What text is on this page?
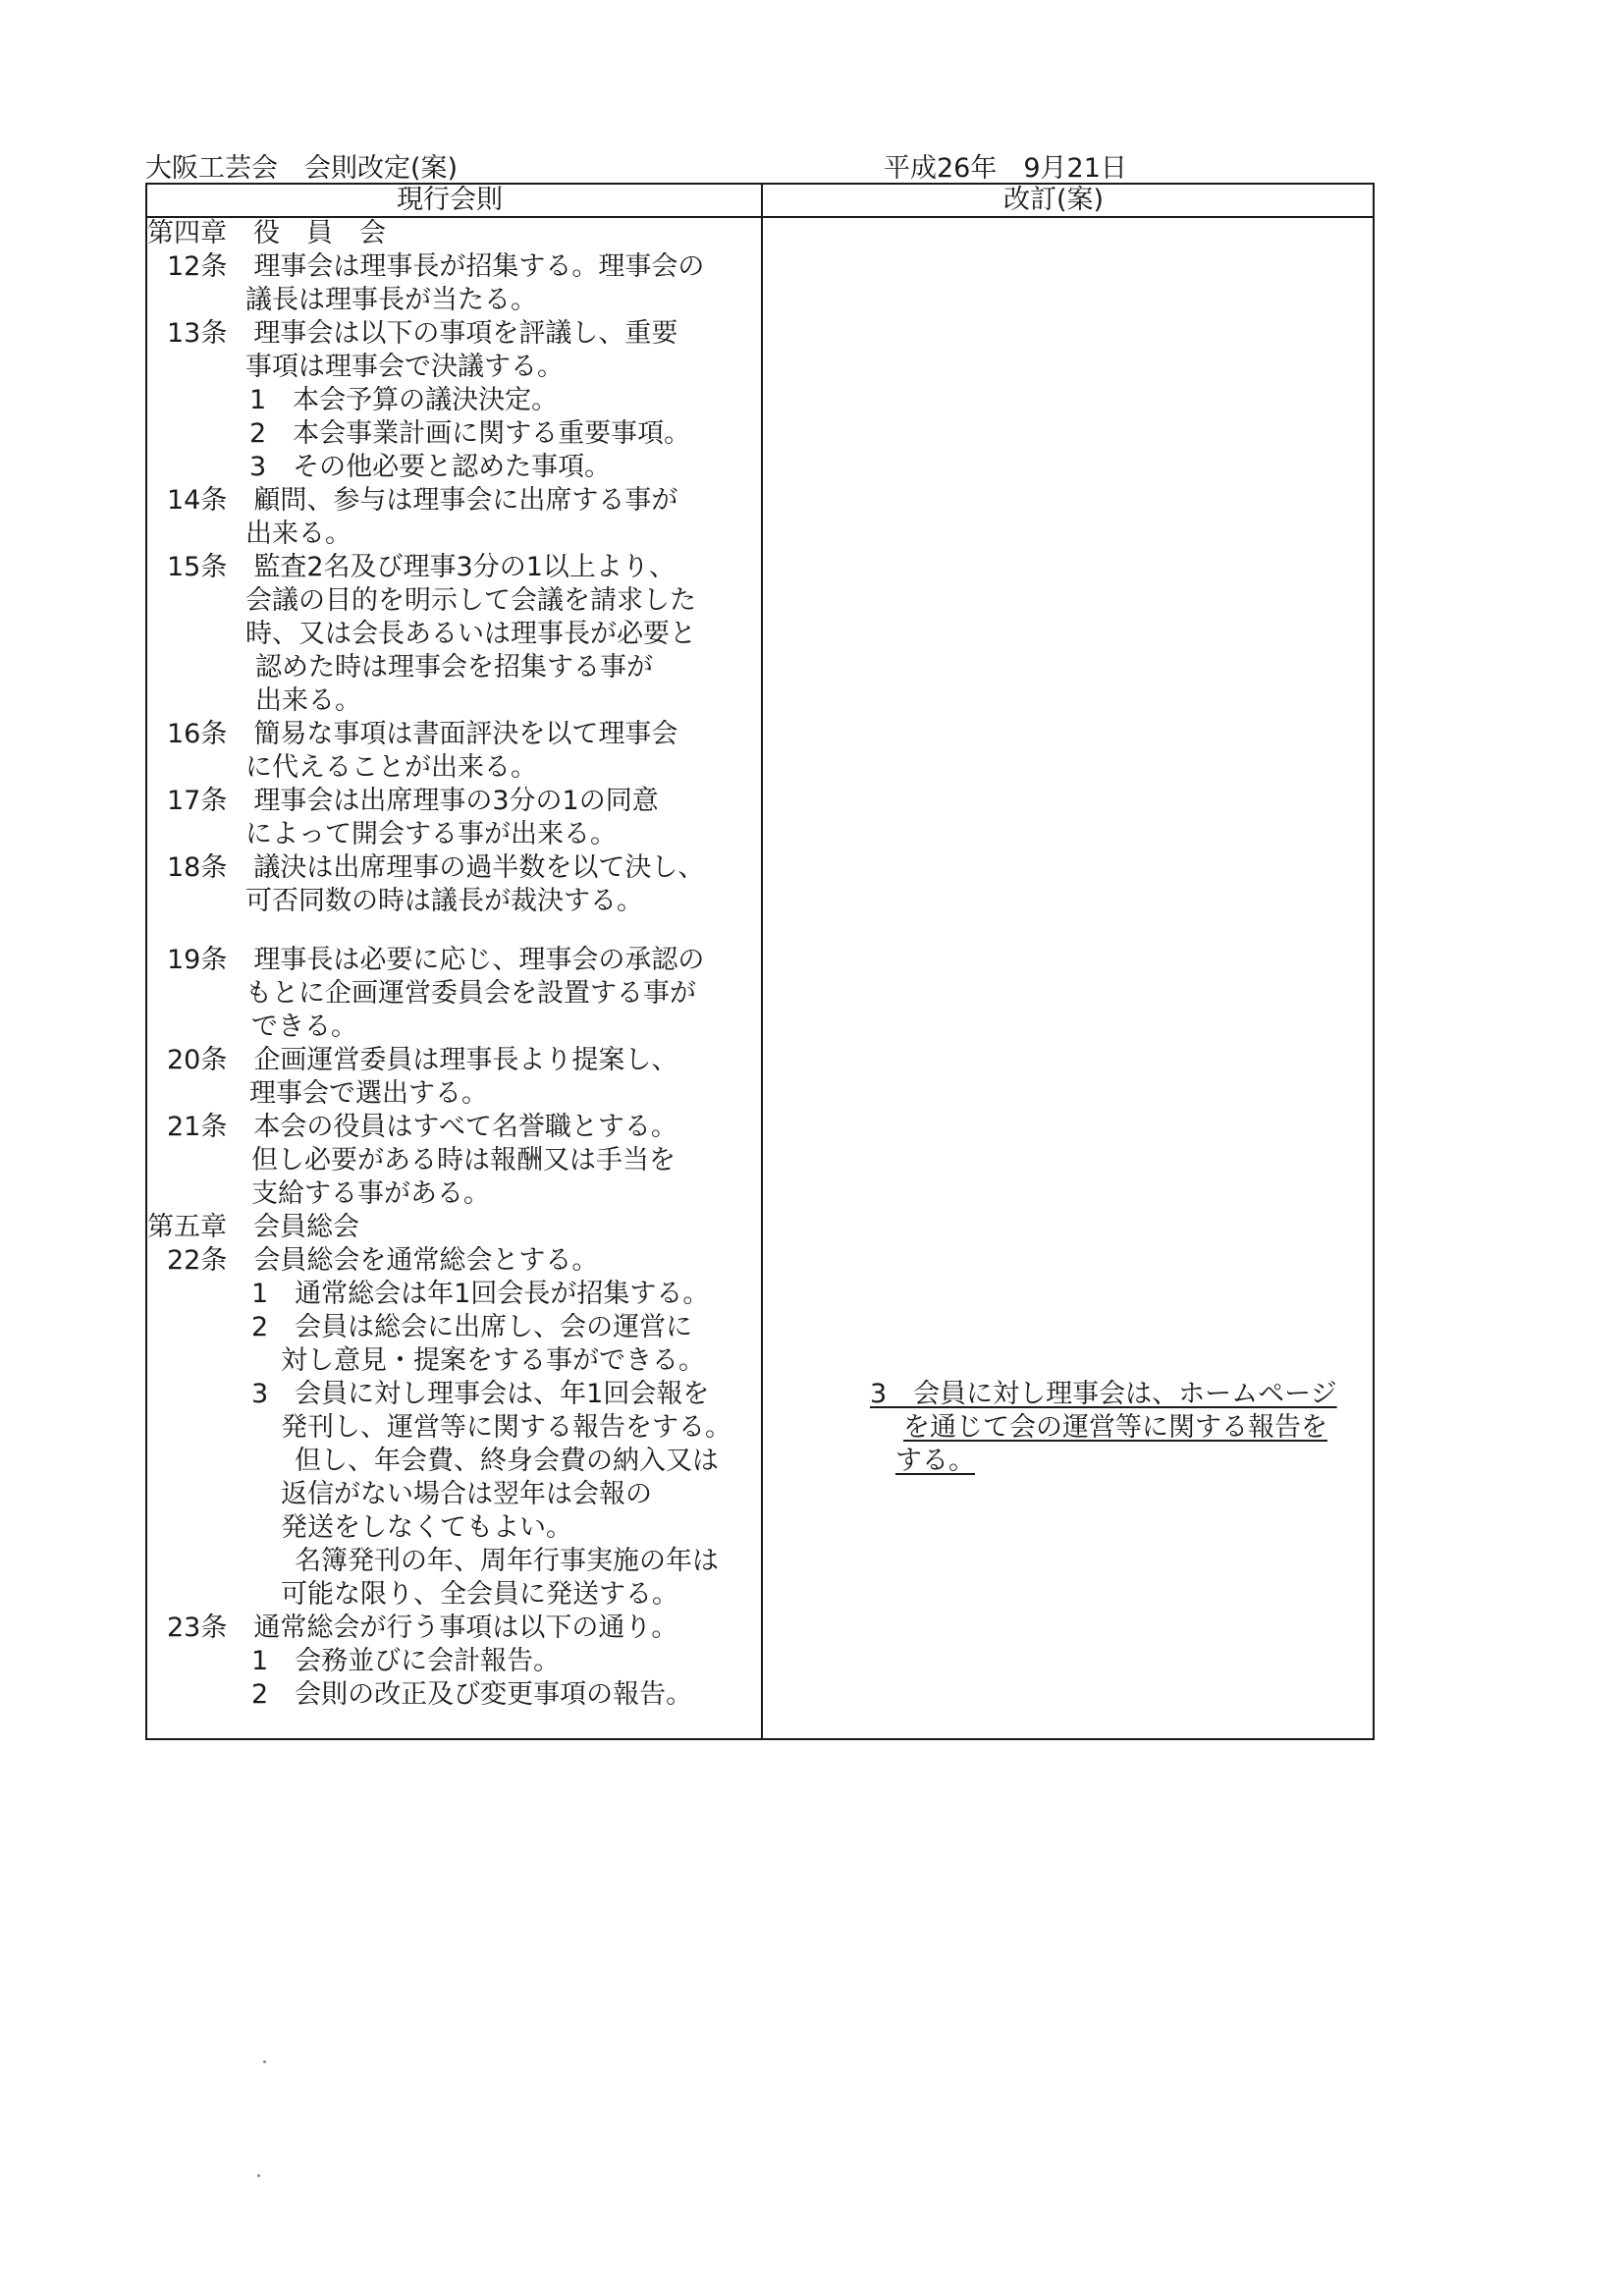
大阪工芸会　会則改定(案)	平成26年　9月21日
現行会則	改訂(案)
第四章　役　員　会
12条　理事会は理事長が招集する。理事会の
議長は理事長が当たる。
13条　理事会は以下の事項を評議し、重要
事項は理事会で決議する。
1　本会予算の議決決定。
2　本会事業計画に関する重要事項。
3　その他必要と認めた事項。
14条　顧問、参与は理事会に出席する事が
出来る。
15条　監査2名及び理事3分の1以上より、
会議の目的を明示して会議を請求した
時、又は会長あるいは理事長が必要と
認めた時は理事会を招集する事が
出来る。
16条　簡易な事項は書面評決を以て理事会
に代えることが出来る。
17条　理事会は出席理事の3分の1の同意
によって開会する事が出来る。
18条　議決は出席理事の過半数を以て決し、
可否同数の時は議長が裁決する。
19条　理事長は必要に応じ、理事会の承認の
もとに企画運営委員会を設置する事が
できる。
20条　企画運営委員は理事長より提案し、
理事会で選出する。
21条　本会の役員はすべて名誉職とする。
但し必要がある時は報酬又は手当を
支給する事がある。
第五章　会員総会
22条　会員総会を通常総会とする。
1　通常総会は年1回会長が招集する。
2　会員は総会に出席し、会の運営に
対し意見・提案をする事ができる。
3　会員に対し理事会は、年1回会報を
発刊し、運営等に関する報告をする。
但し、年会費、終身会費の納入又は
返信がない場合は翌年は会報の
発送をしなくてもよい。
名簿発刊の年、周年行事実施の年は
可能な限り、全会員に発送する。
23条　通常総会が行う事項は以下の通り。
1　会務並びに会計報告。
2　会則の改正及び変更事項の報告。
3　会員に対し理事会は、ホームページ
を通じて会の運営等に関する報告を
する。
